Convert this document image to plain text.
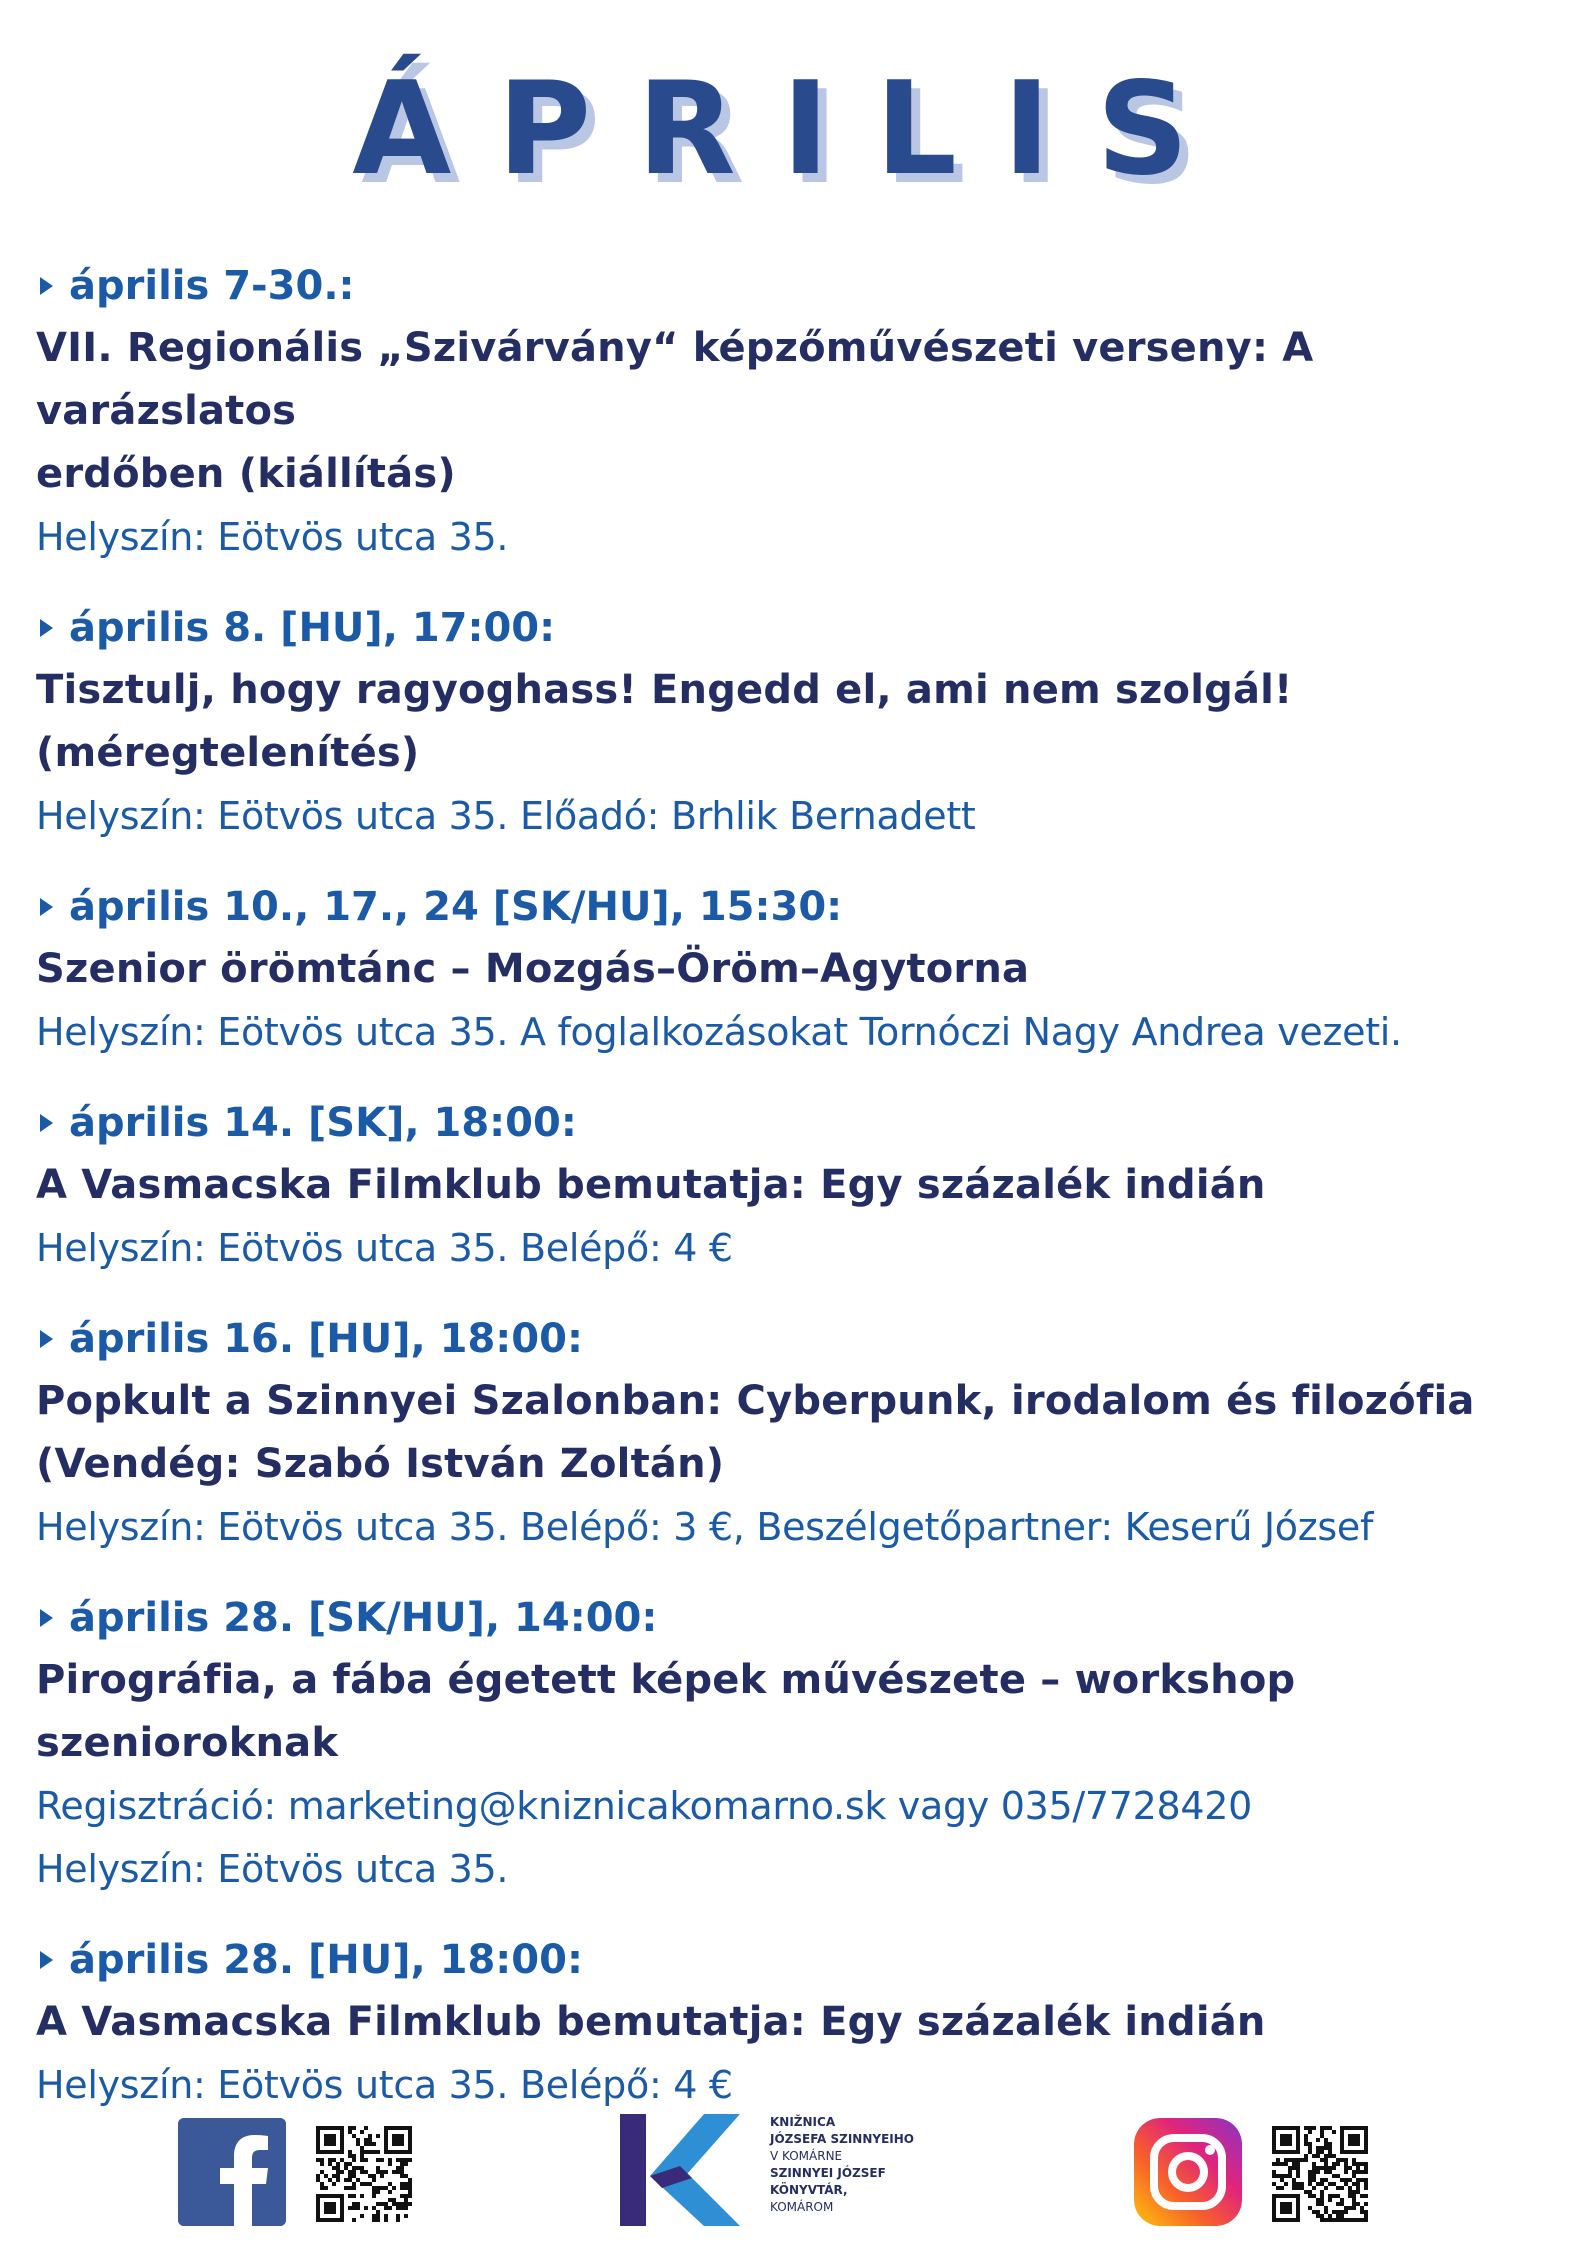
ÁPRILIS
április 7-30.:
VII. Regionális „Szivárvány“ képzőművészeti verseny: A varázslatos
erdőben (kiállítás)
Helyszín: Eötvös utca 35.
április 8. [HU], 17:00:
Tisztulj, hogy ragyoghass! Engedd el, ami nem szolgál!
(méregtelenítés)
Helyszín: Eötvös utca 35. Előadó: Brhlik Bernadett
április 10., 17., 24 [SK/HU], 15:30:
Szenior örömtánc – Mozgás–Öröm–Agytorna
Helyszín: Eötvös utca 35. A foglalkozásokat Tornóczi Nagy Andrea vezeti.
április 14. [SK], 18:00:
A Vasmacska Filmklub bemutatja: Egy százalék indián
Helyszín: Eötvös utca 35. Belépő: 4 €
április 16. [HU], 18:00:
Popkult a Szinnyei Szalonban: Cyberpunk, irodalom és filozófia
(Vendég: Szabó István Zoltán)
Helyszín: Eötvös utca 35. Belépő: 3 €, Beszélgetőpartner: Keserű József
április 28. [SK/HU], 14:00:
Pirográfia, a fába égetett képek művészete – workshop
szenioroknak
Regisztráció: marketing@kniznicakomarno.sk vagy 035/7728420
Helyszín: Eötvös utca 35.
április 28. [HU], 18:00:
A Vasmacska Filmklub bemutatja: Egy százalék indián
Helyszín: Eötvös utca 35. Belépő: 4 €
KNIŽNICA
JÓZSEFA SZINNYEIHO
V KOMÁRNE
SZINNYEI JÓZSEF
KÖNYVTÁR,
KOMÁROM
